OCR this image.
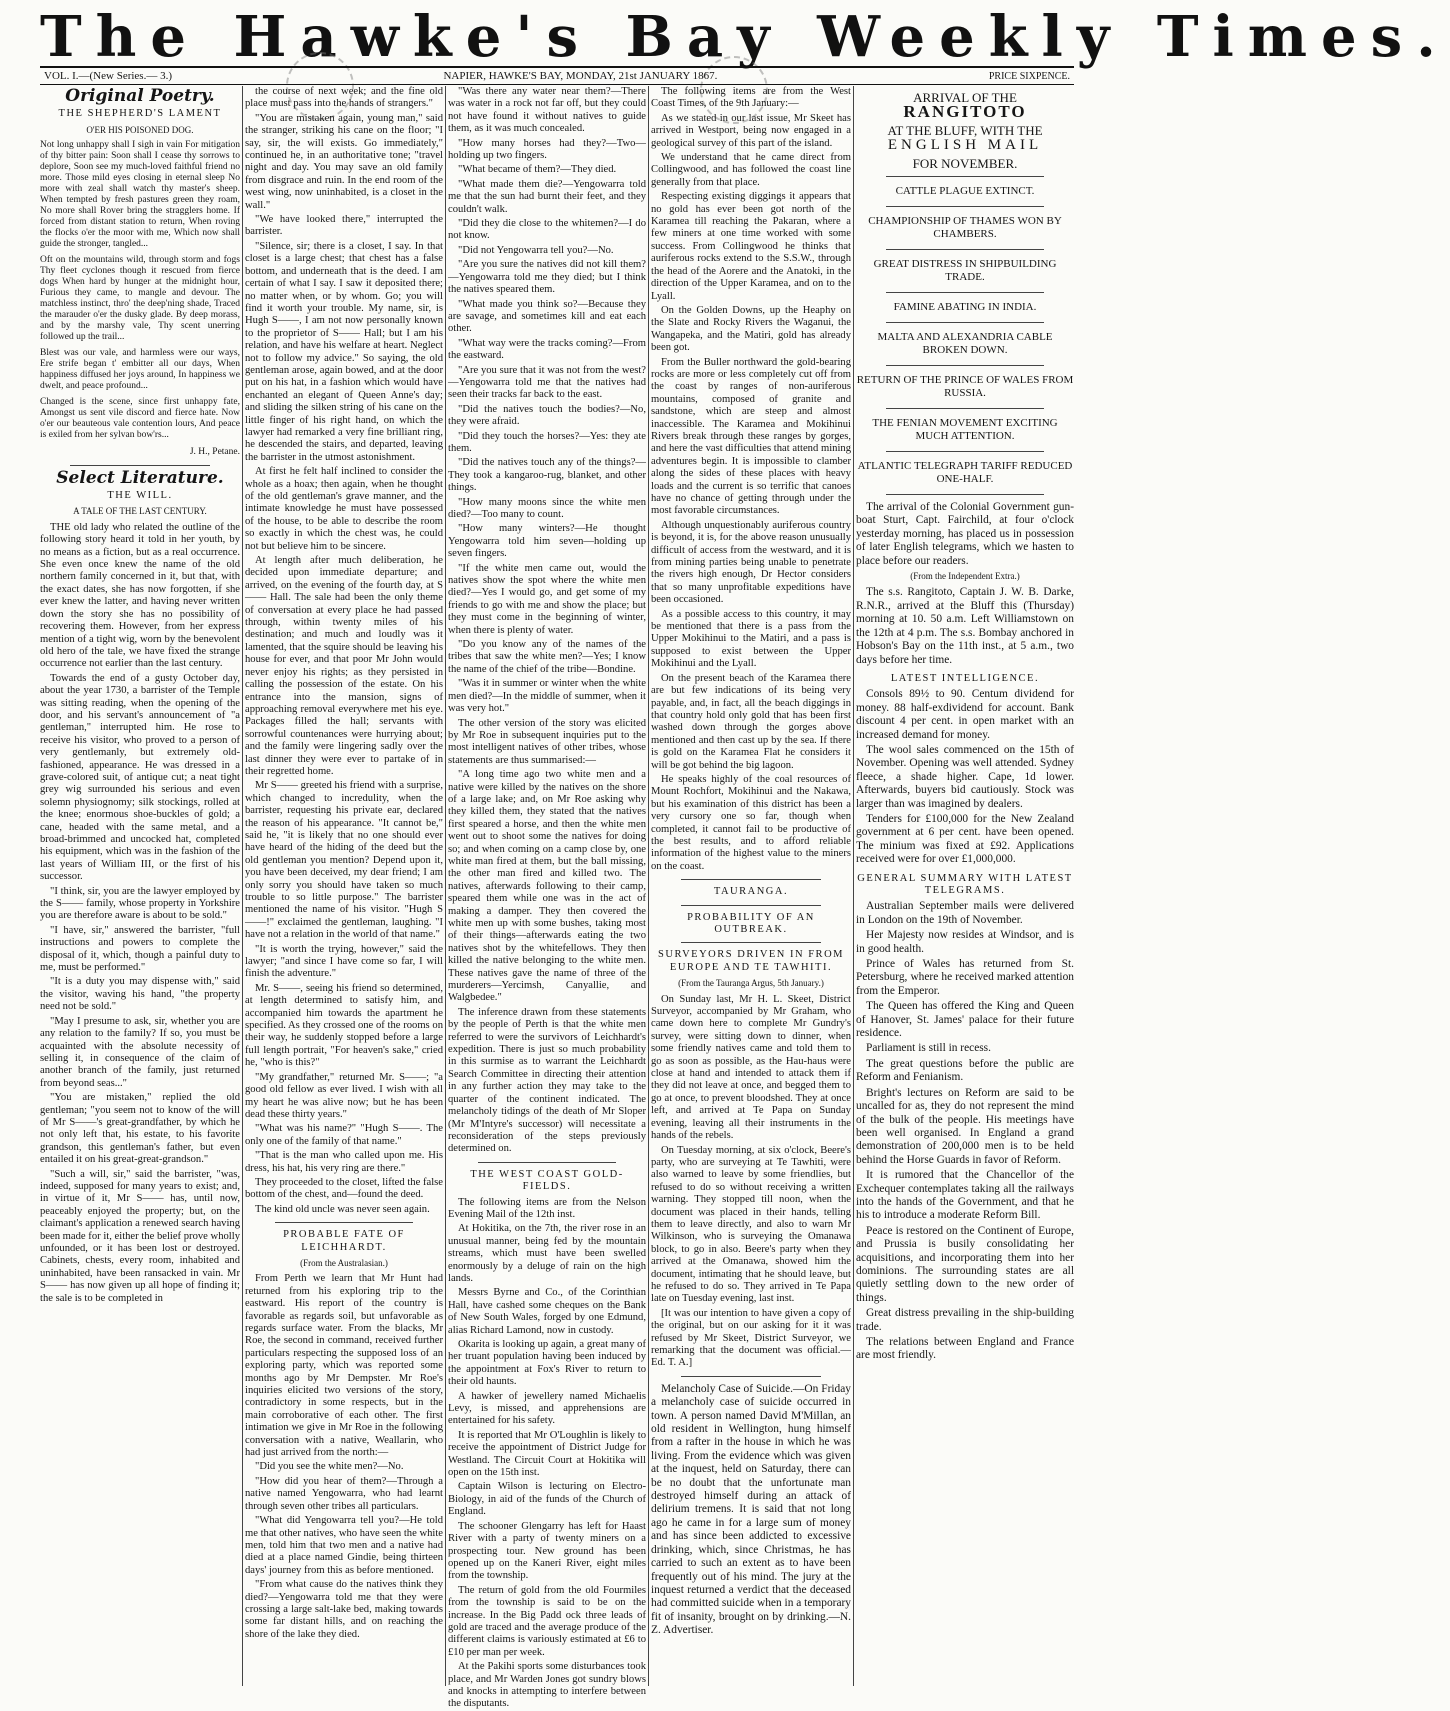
The Hawke's Bay Weekly Times.
VOL. I.—(New Series.— 3.)	NAPIER, HAWKE'S BAY, MONDAY, 21st JANUARY 1867.	PRICE SIXPENCE.
Original Poetry.
THE SHEPHERD'S LAMENT
O'ER HIS POISONED DOG.

Not long unhappy shall I sigh in vain For mitigation of thy bitter pain: Soon shall I cease thy sorrows to deplore, Soon see my much-loved faithful friend no more. Those mild eyes closing in eternal sleep No more with zeal shall watch thy master's sheep. When tempted by fresh pastures green they roam, No more shall Rover bring the stragglers home. If forced from distant station to return, When roving the flocks o'er the moor with me, Which now shall guide the stronger, tangled...

Oft on the mountains wild, through storm and fogs Thy fleet cyclones though it rescued from fierce dogs When hard by hunger at the midnight hour, Furious they came, to mangle and devour. The matchless instinct, thro' the deep'ning shade, Traced the marauder o'er the dusky glade. By deep morass, and by the marshy vale, Thy scent unerring followed up the trail...

Blest was our vale, and harmless were our ways, Ere strife began t' embitter all our days, When happiness diffused her joys around, In happiness we dwelt, and peace profound...

Changed is the scene, since first unhappy fate, Amongst us sent vile discord and fierce hate. Now o'er our beauteous vale contention lours, And peace is exiled from her sylvan bow'rs...

J. H., Petane.
Select Literature.
THE WILL.
A TALE OF THE LAST CENTURY.

THE old lady who related the outline of the following story heard it told in her youth, by no means as a fiction, but as a real occurrence. She even once knew the name of the old northern family concerned in it, but that, with the exact dates, she has now forgotten, if she ever knew the latter, and having never written down the story she has no possibility of recovering them. However, from her express mention of a tight wig, worn by the benevolent old hero of the tale, we have fixed the strange occurrence not earlier than the last century.

Towards the end of a gusty October day, about the year 1730, a barrister of the Temple was sitting reading, when the opening of the door, and his servant's announcement of "a gentleman," interrupted him. He rose to receive his visitor, who proved to a person of very gentlemanly, but extremely old-fashioned, appearance. He was dressed in a grave-colored suit, of antique cut; a neat tight grey wig surrounded his serious and even solemn physiognomy; silk stockings, rolled at the knee; enormous shoe-buckles of gold; a cane, headed with the same metal, and a broad-brimmed and uncocked hat, completed his equipment, which was in the fashion of the last years of William III, or the first of his successor.

"I think, sir, you are the lawyer employed by the S—— family, whose property in Yorkshire you are therefore aware is about to be sold."

"I have, sir," answered the barrister, "full instructions and powers to complete the disposal of it, which, though a painful duty to me, must be performed."

"It is a duty you may dispense with," said the visitor, waving his hand, "the property need not be sold."

"May I presume to ask, sir, whether you are any relation to the family? If so, you must be acquainted with the absolute necessity of selling it, in consequence of the claim of another branch of the family, just returned from beyond seas..."

"You are mistaken," replied the old gentleman; "you seem not to know of the will of Mr S——'s great-grandfather, by which he not only left that, his estate, to his favorite grandson, this gentleman's father, but even entailed it on his great-great-grandson."

"Such a will, sir," said the barrister, "was, indeed, supposed for many years to exist; and, in virtue of it, Mr S—— has, until now, peaceably enjoyed the property; but, on the claimant's application a renewed search having been made for it, either the belief prove wholly unfounded, or it has been lost or destroyed. Cabinets, chests, every room, inhabited and uninhabited, have been ransacked in vain. Mr S—— has now given up all hope of finding it; the sale is to be completed in

the course of next week; and the fine old place must pass into the hands of strangers."

"You are mistaken again, young man," said the stranger, striking his cane on the floor; "I say, sir, the will exists. Go immediately," continued he, in an authoritative tone; "travel night and day. You may save an old family from disgrace and ruin. In the end room of the west wing, now uninhabited, is a closet in the wall."

"We have looked there," interrupted the barrister.

"Silence, sir; there is a closet, I say. In that closet is a large chest; that chest has a false bottom, and underneath that is the deed. I am certain of what I say. I saw it deposited there; no matter when, or by whom. Go; you will find it worth your trouble. My name, sir, is Hugh S——, I am not now personally known to the proprietor of S—— Hall; but I am his relation, and have his welfare at heart. Neglect not to follow my advice." So saying, the old gentleman arose, again bowed, and at the door put on his hat, in a fashion which would have enchanted an elegant of Queen Anne's day; and sliding the silken string of his cane on the little finger of his right hand, on which the lawyer had remarked a very fine brilliant ring, he descended the stairs, and departed, leaving the barrister in the utmost astonishment.

At first he felt half inclined to consider the whole as a hoax; then again, when he thought of the old gentleman's grave manner, and the intimate knowledge he must have possessed of the house, to be able to describe the room so exactly in which the chest was, he could not but believe him to be sincere.

At length after much deliberation, he decided upon immediate departure; and arrived, on the evening of the fourth day, at S—— Hall. The sale had been the only theme of conversation at every place he had passed through, within twenty miles of his destination; and much and loudly was it lamented, that the squire should be leaving his house for ever, and that poor Mr John would never enjoy his rights; as they persisted in calling the possession of the estate. On his entrance into the mansion, signs of approaching removal everywhere met his eye. Packages filled the hall; servants with sorrowful countenances were hurrying about; and the family were lingering sadly over the last dinner they were ever to partake of in their regretted home.

Mr S—— greeted his friend with a surprise, which changed to incredulity, when the barrister, requesting his private ear, declared the reason of his appearance. "It cannot be," said he, "it is likely that no one should ever have heard of the hiding of the deed but the old gentleman you mention? Depend upon it, you have been deceived, my dear friend; I am only sorry you should have taken so much trouble to so little purpose." The barrister mentioned the name of his visitor. "Hugh S——!" exclaimed the gentleman, laughing. "I have not a relation in the world of that name."

"It is worth the trying, however," said the lawyer; "and since I have come so far, I will finish the adventure."

Mr. S——, seeing his friend so determined, at length determined to satisfy him, and accompanied him towards the apartment he specified. As they crossed one of the rooms on their way, he suddenly stopped before a large full length portrait, "For heaven's sake," cried he, "who is this?"

"My grandfather," returned Mr. S——; "a good old fellow as ever lived. I wish with all my heart he was alive now; but he has been dead these thirty years."

"What was his name?" "Hugh S——. The only one of the family of that name."

"That is the man who called upon me. His dress, his hat, his very ring are there."

They proceeded to the closet, lifted the false bottom of the chest, and—found the deed.

The kind old uncle was never seen again.

PROBABLE FATE OF LEICHHARDT.
(From the Australasian.)

From Perth we learn that Mr Hunt had returned from his exploring trip to the eastward. His report of the country is favorable as regards soil, but unfavorable as regards surface water. From the blacks, Mr Roe, the second in command, received further particulars respecting the supposed loss of an exploring party, which was reported some months ago by Mr Dempster. Mr Roe's inquiries elicited two versions of the story, contradictory in some respects, but in the main corroborative of each other. The first intimation we give in Mr Roe in the following conversation with a native, Weallarin, who had just arrived from the north:—

"Did you see the white men?—No.

"How did you hear of them?—Through a native named Yengowarra, who had learnt through seven other tribes all particulars.

"What did Yengowarra tell you?—He told me that other natives, who have seen the white men, told him that two men and a native had died at a place named Gindie, being thirteen days' journey from this as before mentioned.

"From what cause do the natives think they died?—Yengowarra told me that they were crossing a large salt-lake bed, making towards some far distant hills, and on reaching the shore of the lake they died.

"Was there any water near them?—There was water in a rock not far off, but they could not have found it without natives to guide them, as it was much concealed.

"How many horses had they?—Two—holding up two fingers.

"What became of them?—They died.

"What made them die?—Yengowarra told me that the sun had burnt their feet, and they couldn't walk.

"Did they die close to the whitemen?—I do not know.

"Did not Yengowarra tell you?—No.

"Are you sure the natives did not kill them?—Yengowarra told me they died; but I think the natives speared them.

"What made you think so?—Because they are savage, and sometimes kill and eat each other.

"What way were the tracks coming?—From the eastward.

"Are you sure that it was not from the west?—Yengowarra told me that the natives had seen their tracks far back to the east.

"Did the natives touch the bodies?—No, they were afraid.

"Did they touch the horses?—Yes: they ate them.

"Did the natives touch any of the things?—They took a kangaroo-rug, blanket, and other things.

"How many moons since the white men died?—Too many to count.

"How many winters?—He thought Yengowarra told him seven—holding up seven fingers.

"If the white men came out, would the natives show the spot where the white men died?—Yes I would go, and get some of my friends to go with me and show the place; but they must come in the beginning of winter, when there is plenty of water.

"Do you know any of the names of the tribes that saw the white men?—Yes; I know the name of the chief of the tribe—Bondine.

"Was it in summer or winter when the white men died?—In the middle of summer, when it was very hot."

The other version of the story was elicited by Mr Roe in subsequent inquiries put to the most intelligent natives of other tribes, whose statements are thus summarised:—

"A long time ago two white men and a native were killed by the natives on the shore of a large lake; and, on Mr Roe asking why they killed them, they stated that the natives first speared a horse, and then the white men went out to shoot some the natives for doing so; and when coming on a camp close by, one white man fired at them, but the ball missing, the other man fired and killed two. The natives, afterwards following to their camp, speared them while one was in the act of making a damper. They then covered the white men up with some bushes, taking most of their things—afterwards eating the two natives shot by the whitefellows. They then killed the native belonging to the white men. These natives gave the name of three of the murderers—Yercimsh, Canyallie, and Walgbedee."

The inference drawn from these statements by the people of Perth is that the white men referred to were the survivors of Leichhardt's expedition. There is just so much probability in this surmise as to warrant the Leichhardt Search Committee in directing their attention in any further action they may take to the quarter of the continent indicated. The melancholy tidings of the death of Mr Sloper (Mr M'Intyre's successor) will necessitate a reconsideration of the steps previously determined on.

THE WEST COAST GOLD-FIELDS.

The following items are from the Nelson Evening Mail of the 12th inst.

At Hokitika, on the 7th, the river rose in an unusual manner, being fed by the mountain streams, which must have been swelled enormously by a deluge of rain on the high lands.

Messrs Byrne and Co., of the Corinthian Hall, have cashed some cheques on the Bank of New South Wales, forged by one Edmund, alias Richard Lamond, now in custody.

Okarita is looking up again, a great many of her truant population having been induced by the appointment at Fox's River to return to their old haunts.

A hawker of jewellery named Michaelis Levy, is missed, and apprehensions are entertained for his safety.

It is reported that Mr O'Loughlin is likely to receive the appointment of District Judge for Westland. The Circuit Court at Hokitika will open on the 15th inst.

Captain Wilson is lecturing on Electro-Biology, in aid of the funds of the Church of England.

The schooner Glengarry has left for Haast River with a party of twenty miners on a prospecting tour. New ground has been opened up on the Kaneri River, eight miles from the township.

The return of gold from the old Fourmiles from the township is said to be on the increase. In the Big Padd ock three leads of gold are traced and the average produce of the different claims is variously estimated at £6 to £10 per man per week.

At the Pakihi sports some disturbances took place, and Mr Warden Jones got sundry blows and knocks in attempting to interfere between the disputants.

The following items are from the West Coast Times, of the 9th January:—

As we stated in our last issue, Mr Skeet has arrived in Westport, being now engaged in a geological survey of this part of the island.

We understand that he came direct from Collingwood, and has followed the coast line generally from that place.

Respecting existing diggings it appears that no gold has ever been got north of the Karamea till reaching the Pakaran, where a few miners at one time worked with some success. From Collingwood he thinks that auriferous rocks extend to the S.S.W., through the head of the Aorere and the Anatoki, in the direction of the Upper Karamea, and on to the Lyall.

On the Golden Downs, up the Heaphy on the Slate and Rocky Rivers the Waganui, the Wangapeka, and the Matiri, gold has already been got.

From the Buller northward the gold-bearing rocks are more or less completely cut off from the coast by ranges of non-auriferous mountains, composed of granite and sandstone, which are steep and almost inaccessible. The Karamea and Mokihinui Rivers break through these ranges by gorges, and here the vast difficulties that attend mining adventures begin. It is impossible to clamber along the sides of these places with heavy loads and the current is so terrific that canoes have no chance of getting through under the most favorable circumstances.

Although unquestionably auriferous country is beyond, it is, for the above reason unusually difficult of access from the westward, and it is from mining parties being unable to penetrate the rivers high enough, Dr Hector considers that so many unprofitable expeditions have been occasioned.

As a possible access to this country, it may be mentioned that there is a pass from the Upper Mokihinui to the Matiri, and a pass is supposed to exist between the Upper Mokihinui and the Lyall.

On the present beach of the Karamea there are but few indications of its being very payable, and, in fact, all the beach diggings in that country hold only gold that has been first washed down through the gorges above mentioned and then cast up by the sea. If there is gold on the Karamea Flat he considers it will be got behind the big lagoon.

He speaks highly of the coal resources of Mount Rochfort, Mokihinui and the Nakawa, but his examination of this district has been a very cursory one so far, though when completed, it cannot fail to be productive of the best results, and to afford reliable information of the highest value to the miners on the coast.

TAURANGA.
PROBABILITY OF AN OUTBREAK.
SURVEYORS DRIVEN IN FROM EUROPE AND TE TAWHITI.
(From the Tauranga Argus, 5th January.)

On Sunday last, Mr H. L. Skeet, District Surveyor, accompanied by Mr Graham, who came down here to complete Mr Gundry's survey, were sitting down to dinner, when some friendly natives came and told them to go as soon as possible, as the Hau-haus were close at hand and intended to attack them if they did not leave at once, and begged them to go at once, to prevent bloodshed. They at once left, and arrived at Te Papa on Sunday evening, leaving all their instruments in the hands of the rebels.

On Tuesday morning, at six o'clock, Beere's party, who are surveying at Te Tawhiti, were also warned to leave by some friendlies, but refused to do so without receiving a written warning. They stopped till noon, when the document was placed in their hands, telling them to leave directly, and also to warn Mr Wilkinson, who is surveying the Omanawa block, to go in also. Beere's party when they arrived at the Omanawa, showed him the document, intimating that he should leave, but he refused to do so. They arrived in Te Papa late on Tuesday evening, last inst.

[It was our intention to have given a copy of the original, but on our asking for it it was refused by Mr Skeet, District Surveyor, we remarking that the document was official.—Ed. T. A.]

Melancholy Case of Suicide.—On Friday a melancholy case of suicide occurred in town. A person named David M'Millan, an old resident in Wellington, hung himself from a rafter in the house in which he was living. From the evidence which was given at the inquest, held on Saturday, there can be no doubt that the unfortunate man destroyed himself during an attack of delirium tremens. It is said that not long ago he came in for a large sum of money and has since been addicted to excessive drinking, which, since Christmas, he has carried to such an extent as to have been frequently out of his mind. The jury at the inquest returned a verdict that the deceased had committed suicide when in a temporary fit of insanity, brought on by drinking.—N. Z. Advertiser.

ARRIVAL OF THE
RANGITOTO
AT THE BLUFF, WITH THE
ENGLISH MAIL
FOR NOVEMBER.
CATTLE PLAGUE EXTINCT.
CHAMPIONSHIP OF THAMES WON BY CHAMBERS.
GREAT DISTRESS IN SHIPBUILDING TRADE.
FAMINE ABATING IN INDIA.
MALTA AND ALEXANDRIA CABLE BROKEN DOWN.
RETURN OF THE PRINCE OF WALES FROM RUSSIA.
THE FENIAN MOVEMENT EXCITING MUCH ATTENTION.
ATLANTIC TELEGRAPH TARIFF REDUCED ONE-HALF.

The arrival of the Colonial Government gun-boat Sturt, Capt. Fairchild, at four o'clock yesterday morning, has placed us in possession of later English telegrams, which we hasten to place before our readers.

(From the Independent Extra.)

The s.s. Rangitoto, Captain J. W. B. Darke, R.N.R., arrived at the Bluff this (Thursday) morning at 10. 50 a.m. Left Williamstown on the 12th at 4 p.m. The s.s. Bombay anchored in Hobson's Bay on the 11th inst., at 5 a.m., two days before her time.

LATEST INTELLIGENCE.

Consols 89½ to 90. Centum dividend for money. 88 half-exdividend for account. Bank discount 4 per cent. in open market with an increased demand for money.

The wool sales commenced on the 15th of November. Opening was well attended. Sydney fleece, a shade higher. Cape, 1d lower. Afterwards, buyers bid cautiously. Stock was larger than was imagined by dealers.

Tenders for £100,000 for the New Zealand government at 6 per cent. have been opened. The minium was fixed at £92. Applications received were for over £1,000,000.

GENERAL SUMMARY WITH LATEST TELEGRAMS.

Australian September mails were delivered in London on the 19th of November.

Her Majesty now resides at Windsor, and is in good health.

Prince of Wales has returned from St. Petersburg, where he received marked attention from the Emperor.

The Queen has offered the King and Queen of Hanover, St. James' palace for their future residence.

Parliament is still in recess.

The great questions before the public are Reform and Fenianism.

Bright's lectures on Reform are said to be uncalled for as, they do not represent the mind of the bulk of the people. His meetings have been well organised. In England a grand demonstration of 200,000 men is to be held behind the Horse Guards in favor of Reform.

It is rumored that the Chancellor of the Exchequer contemplates taking all the railways into the hands of the Government, and that he his to introduce a moderate Reform Bill.

Peace is restored on the Continent of Europe, and Prussia is busily consolidating her acquisitions, and incorporating them into her dominions. The surrounding states are all quietly settling down to the new order of things.

Great distress prevailing in the ship-building trade.

The relations between England and France are most friendly.
